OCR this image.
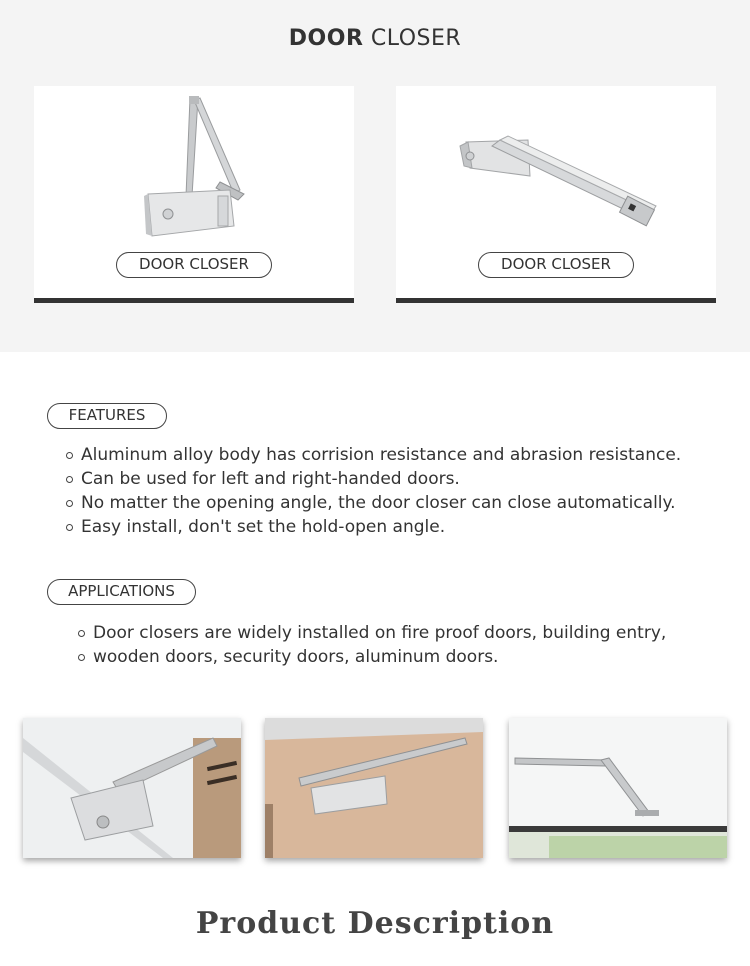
DOOR CLOSER
DOOR CLOSER	DOOR CLOSER
FEATURES
Aluminum alloy body has corrision resistance and abrasion resistance.
Can be used for left and right-handed doors.
No matter the opening angle, the door closer can close automatically.
Easy install, don't set the hold-open angle.
APPLICATIONS
Door closers are widely installed on fire proof doors, building entry,
wooden doors, security doors, aluminum doors.
Product Description
